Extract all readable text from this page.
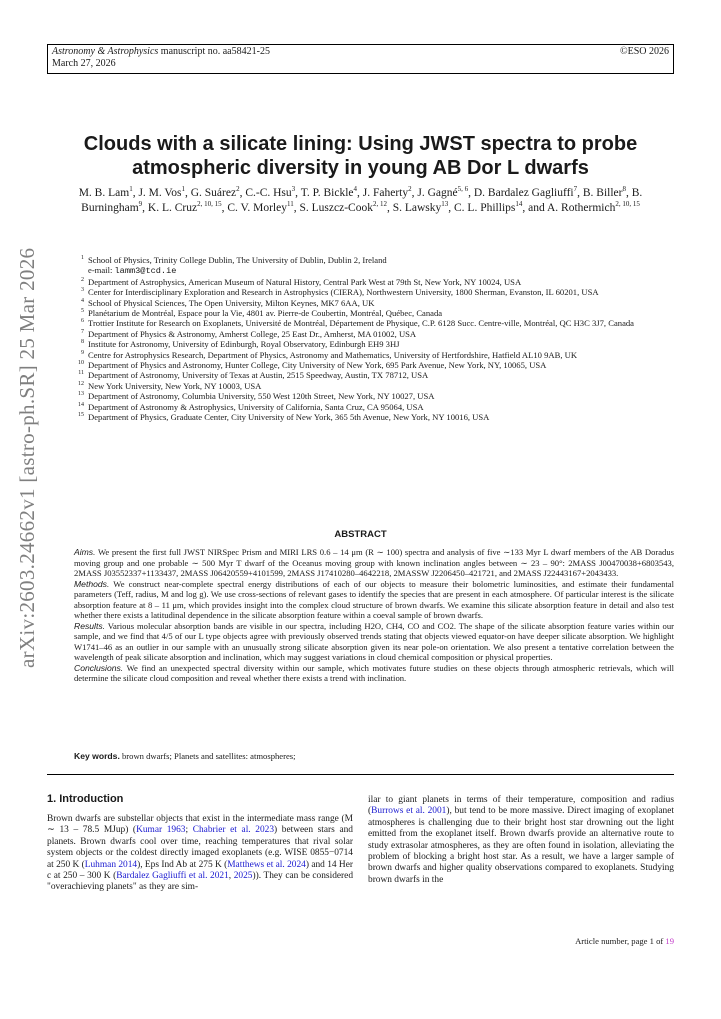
Astronomy & Astrophysics manuscript no. aa58421-25
March 27, 2026
©ESO 2026
arXiv:2603.24662v1 [astro-ph.SR] 25 Mar 2026
Clouds with a silicate lining: Using JWST spectra to probe
atmospheric diversity in young AB Dor L dwarfs
M. B. Lam$^1$, J. M. Vos$^1$, G. Suárez$^2$, C.-C. Hsu$^3$, T. P. Bickle$^4$, J. Faherty$^2$, J. Gagné$^{5, 6}$, D. Bardalez Gagliuffi$^7$, B. Biller$^8$, B. Burningham$^9$, K. L. Cruz$^{2, 10, 15}$, C. V. Morley$^{11}$, S. Luszcz-Cook$^{2, 12}$, S. Lawsky$^{13}$, C. L. Phillips$^{14}$, and A. Rothermich$^{2, 10, 15}$
1 School of Physics, Trinity College Dublin, The University of Dublin, Dublin 2, Ireland
e-mail: lamm3@tcd.ie
2 Department of Astrophysics, American Museum of Natural History, Central Park West at 79th St, New York, NY 10024, USA
3 Center for Interdisciplinary Exploration and Research in Astrophysics (CIERA), Northwestern University, 1800 Sherman, Evanston, IL 60201, USA
4 School of Physical Sciences, The Open University, Milton Keynes, MK7 6AA, UK
5 Planétarium de Montréal, Espace pour la Vie, 4801 av. Pierre-de Coubertin, Montréal, Québec, Canada
6 Trottier Institute for Research on Exoplanets, Université de Montréal, Département de Physique, C.P. 6128 Succ. Centre-ville, Montréal, QC H3C 3J7, Canada
7 Department of Physics & Astronomy, Amherst College, 25 East Dr., Amherst, MA 01002, USA
8 Institute for Astronomy, University of Edinburgh, Royal Observatory, Edinburgh EH9 3HJ
9 Centre for Astrophysics Research, Department of Physics, Astronomy and Mathematics, University of Hertfordshire, Hatfield AL10 9AB, UK
10 Department of Physics and Astronomy, Hunter College, City University of New York, 695 Park Avenue, New York, NY, 10065, USA
11 Department of Astronomy, University of Texas at Austin, 2515 Speedway, Austin, TX 78712, USA
12 New York University, New York, NY 10003, USA
13 Department of Astronomy, Columbia University, 550 West 120th Street, New York, NY 10027, USA
14 Department of Astronomy & Astrophysics, University of California, Santa Cruz, CA 95064, USA
15 Department of Physics, Graduate Center, City University of New York, 365 5th Avenue, New York, NY 10016, USA
ABSTRACT

Aims. We present the first full JWST NIRSpec Prism and MIRI LRS 0.6 – 14 μm (R ∼ 100) spectra and analysis of five ∼133 Myr L dwarf members of the AB Doradus moving group and one probable ∼ 500 Myr T dwarf of the Oceanus moving group with known inclination angles between ∼ 23 – 90°: 2MASS J00470038+6803543, 2MASS J03552337+1133437, 2MASS J06420559+4101599, 2MASS J17410280–4642218, 2MASSW J2206450–421721, and 2MASS J22443167+2043433.

Methods. We construct near-complete spectral energy distributions of each of our objects to measure their bolometric luminosities, and estimate their fundamental parameters (Teff, radius, M and log g). We use cross-sections of relevant gases to identify the species that are present in each atmosphere. Of particular interest is the silicate absorption feature at 8 – 11 μm, which provides insight into the complex cloud structure of brown dwarfs. We examine this silicate absorption feature in detail and also test whether there exists a latitudinal dependence in the silicate absorption feature within a coeval sample of brown dwarfs.

Results. Various molecular absorption bands are visible in our spectra, including H2O, CH4, CO and CO2. The shape of the silicate absorption feature varies within our sample, and we find that 4/5 of our L type objects agree with previously observed trends stating that objects viewed equator-on have deeper silicate absorption. We highlight W1741–46 as an outlier in our sample with an unusually strong silicate absorption given its near pole-on orientation. We also present a tentative correlation between the wavelength of peak silicate absorption and inclination, which may suggest variations in cloud chemical composition or physical properties.

Conclusions. We find an unexpected spectral diversity within our sample, which motivates future studies on these objects through atmospheric retrievals, which will determine the silicate cloud composition and reveal whether there exists a trend with inclination.

Key words. brown dwarfs; Planets and satellites: atmospheres;
1. Introduction

Brown dwarfs are substellar objects that exist in the intermediate mass range (M ∼ 13 – 78.5 MJup) (Kumar 1963; Chabrier et al. 2023) between stars and planets. Brown dwarfs cool over time, reaching temperatures that rival solar system objects or the coldest directly imaged exoplanets (e.g. WISE 0855−0714 at 250 K (Luhman 2014), Eps Ind Ab at 275 K (Matthews et al. 2024) and 14 Her c at 250 – 300 K (Bardalez Gagliuffi et al. 2021, 2025)). They can be considered "overachieving planets" as they are sim-

ilar to giant planets in terms of their temperature, composition and radius (Burrows et al. 2001), but tend to be more massive. Direct imaging of exoplanet atmospheres is challenging due to their bright host star drowning out the light emitted from the exoplanet itself. Brown dwarfs provide an alternative route to study extrasolar atmospheres, as they are often found in isolation, alleviating the problem of blocking a bright host star. As a result, we have a larger sample of brown dwarfs and higher quality observations compared to exoplanets. Studying brown dwarfs in the

Article number, page 1 of 19
